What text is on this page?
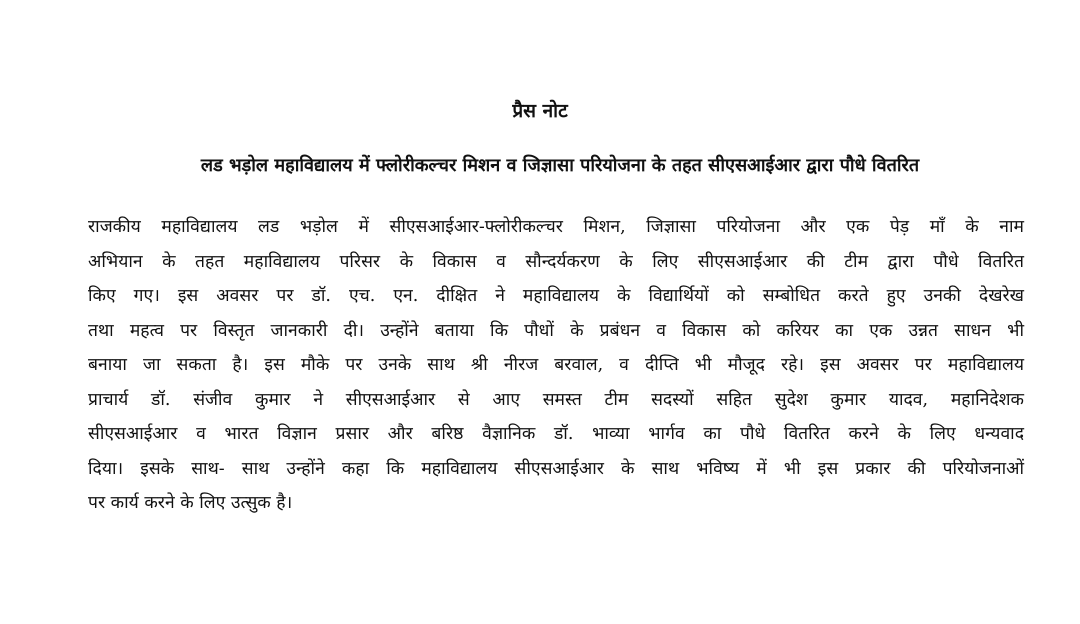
प्रैस नोट
लड भड़ोल महाविद्यालय में फ्लोरीकल्चर मिशन व जिज्ञासा परियोजना के तहत सीएसआईआर द्वारा पौधे वितरित
राजकीय महाविद्यालय लड भड़ोल में सीएसआईआर-फ्लोरीकल्चर मिशन, जिज्ञासा परियोजना और एक पेड़ माँ के नाम
अभियान के तहत महाविद्यालय परिसर के विकास व सौन्दर्यकरण के लिए सीएसआईआर की टीम द्वारा पौधे वितरित
किए गए। इस अवसर पर डॉ. एच. एन. दीक्षित ने महाविद्यालय के विद्यार्थियों को सम्बोधित करते हुए उनकी देखरेख
तथा महत्व पर विस्तृत जानकारी दी। उन्होंने बताया कि पौधों के प्रबंधन व विकास को करियर का एक उन्नत साधन भी
बनाया जा सकता है। इस मौके पर उनके साथ श्री नीरज बरवाल, व दीप्ति भी मौजूद रहे। इस अवसर पर महाविद्यालय
प्राचार्य डॉ. संजीव कुमार ने सीएसआईआर से आए समस्त टीम सदस्यों सहित सुदेश कुमार यादव, महानिदेशक
सीएसआईआर व भारत विज्ञान प्रसार और बरिष्ठ वैज्ञानिक डॉ. भाव्या भार्गव का पौधे वितरित करने के लिए धन्यवाद
दिया। इसके साथ- साथ उन्होंने कहा कि महाविद्यालय सीएसआईआर के साथ भविष्य में भी इस प्रकार की परियोजनाओं
पर कार्य करने के लिए उत्सुक है।
